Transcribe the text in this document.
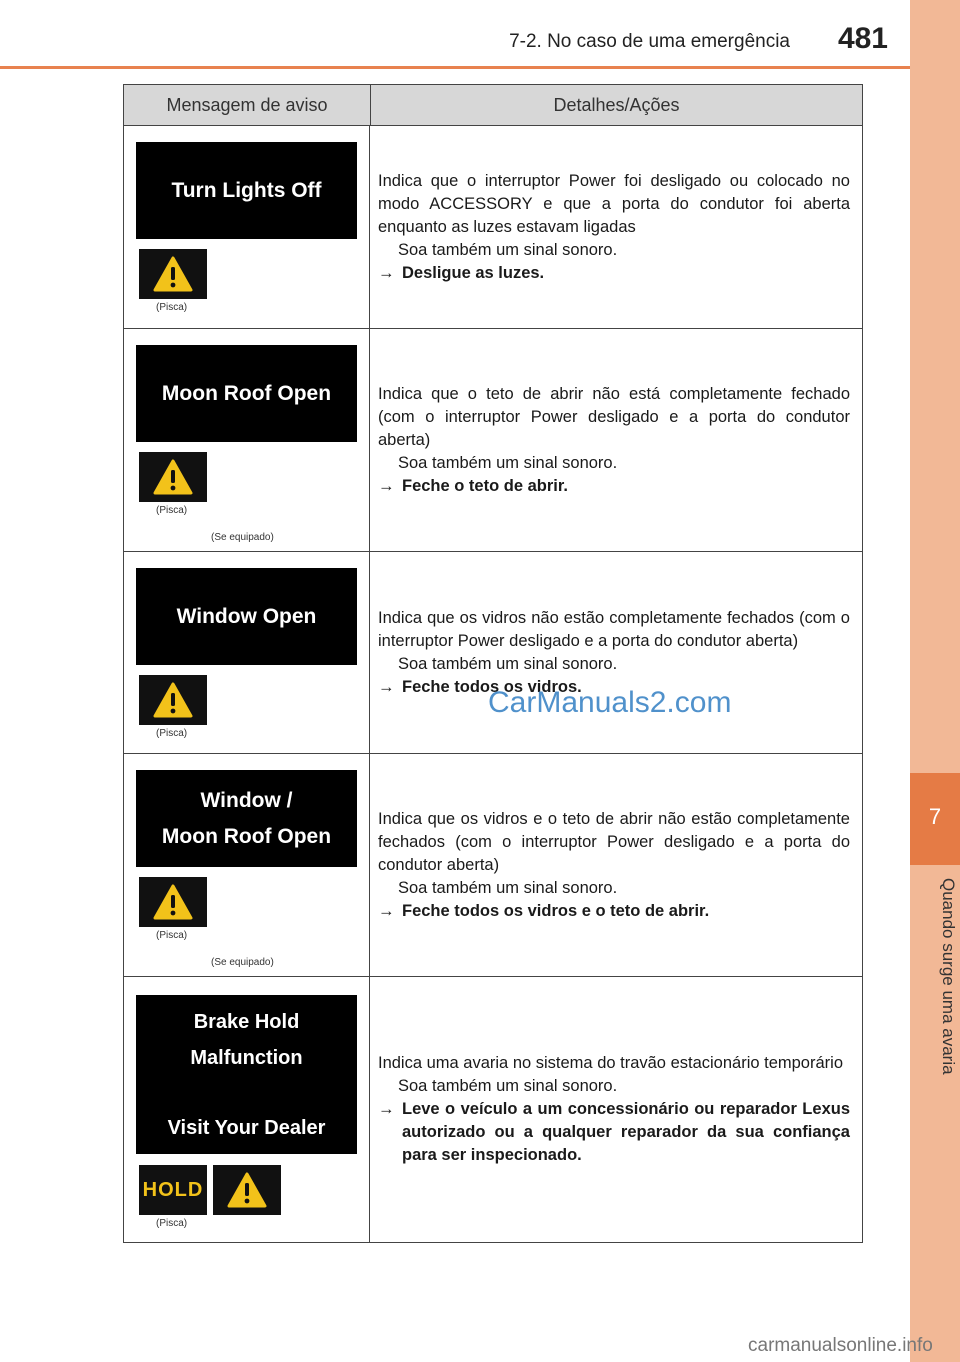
7-2. No caso de uma emergência 481
7
Quando surge uma avaria
Mensagem de aviso	Detalhes/Ações
Turn Lights Off
(Pisca)

Indica que o interruptor Power foi desligado ou colocado no modo ACCESSORY e que a porta do condutor foi aberta enquanto as luzes estavam ligadas

Soa também um sinal sonoro.

→ Desligue as luzes.

Moon Roof Open
(Pisca)
(Se equipado)

Indica que o teto de abrir não está completamente fechado (com o interruptor Power desligado e a porta do condutor aberta)

Soa também um sinal sonoro.

→ Feche o teto de abrir.

Window Open
(Pisca)

Indica que os vidros não estão completamente fechados (com o interruptor Power desligado e a porta do condutor aberta)

Soa também um sinal sonoro.

→ Feche todos os vidros.

Window /
Moon Roof Open
(Pisca)
(Se equipado)

Indica que os vidros e o teto de abrir não estão completamente fechados (com o interruptor Power desligado e a porta do condutor aberta)

Soa também um sinal sonoro.

→ Feche todos os vidros e o teto de abrir.

Brake Hold
Malfunction
Visit Your Dealer
HOLD
(Pisca)

Indica uma avaria no sistema do travão estacionário temporário

Soa também um sinal sonoro.

→ Leve o veículo a um concessionário ou reparador Lexus autorizado ou a qualquer reparador da sua confiança para ser inspecionado.

CarManuals2.com
carmanualsonline.info
